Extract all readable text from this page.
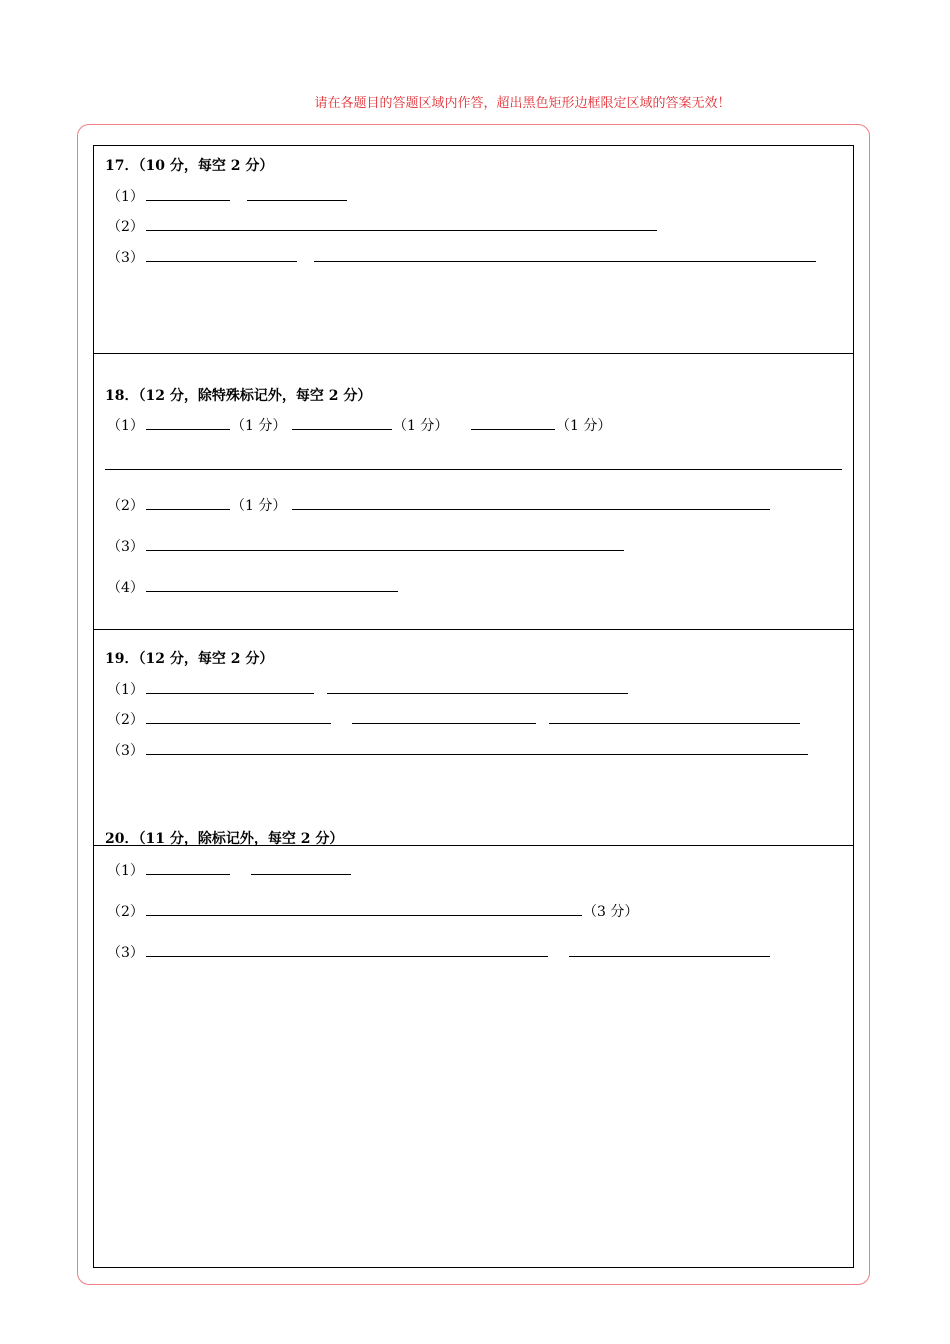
请在各题目的答题区域内作答，超出黑色矩形边框限定区域的答案无效！
17．（10 分，每空 2 分）
（1）
（2）
（3）
18．（12 分，除特殊标记外，每空 2 分）
（1）	（1 分）	（1 分）	（1 分）
（2）	（1 分）
（3）
（4）
19．（12 分，每空 2 分）
（1）
（2）
（3）
20．（11 分，除标记外，每空 2 分）
（1）
（2）	（3 分）
（3）
